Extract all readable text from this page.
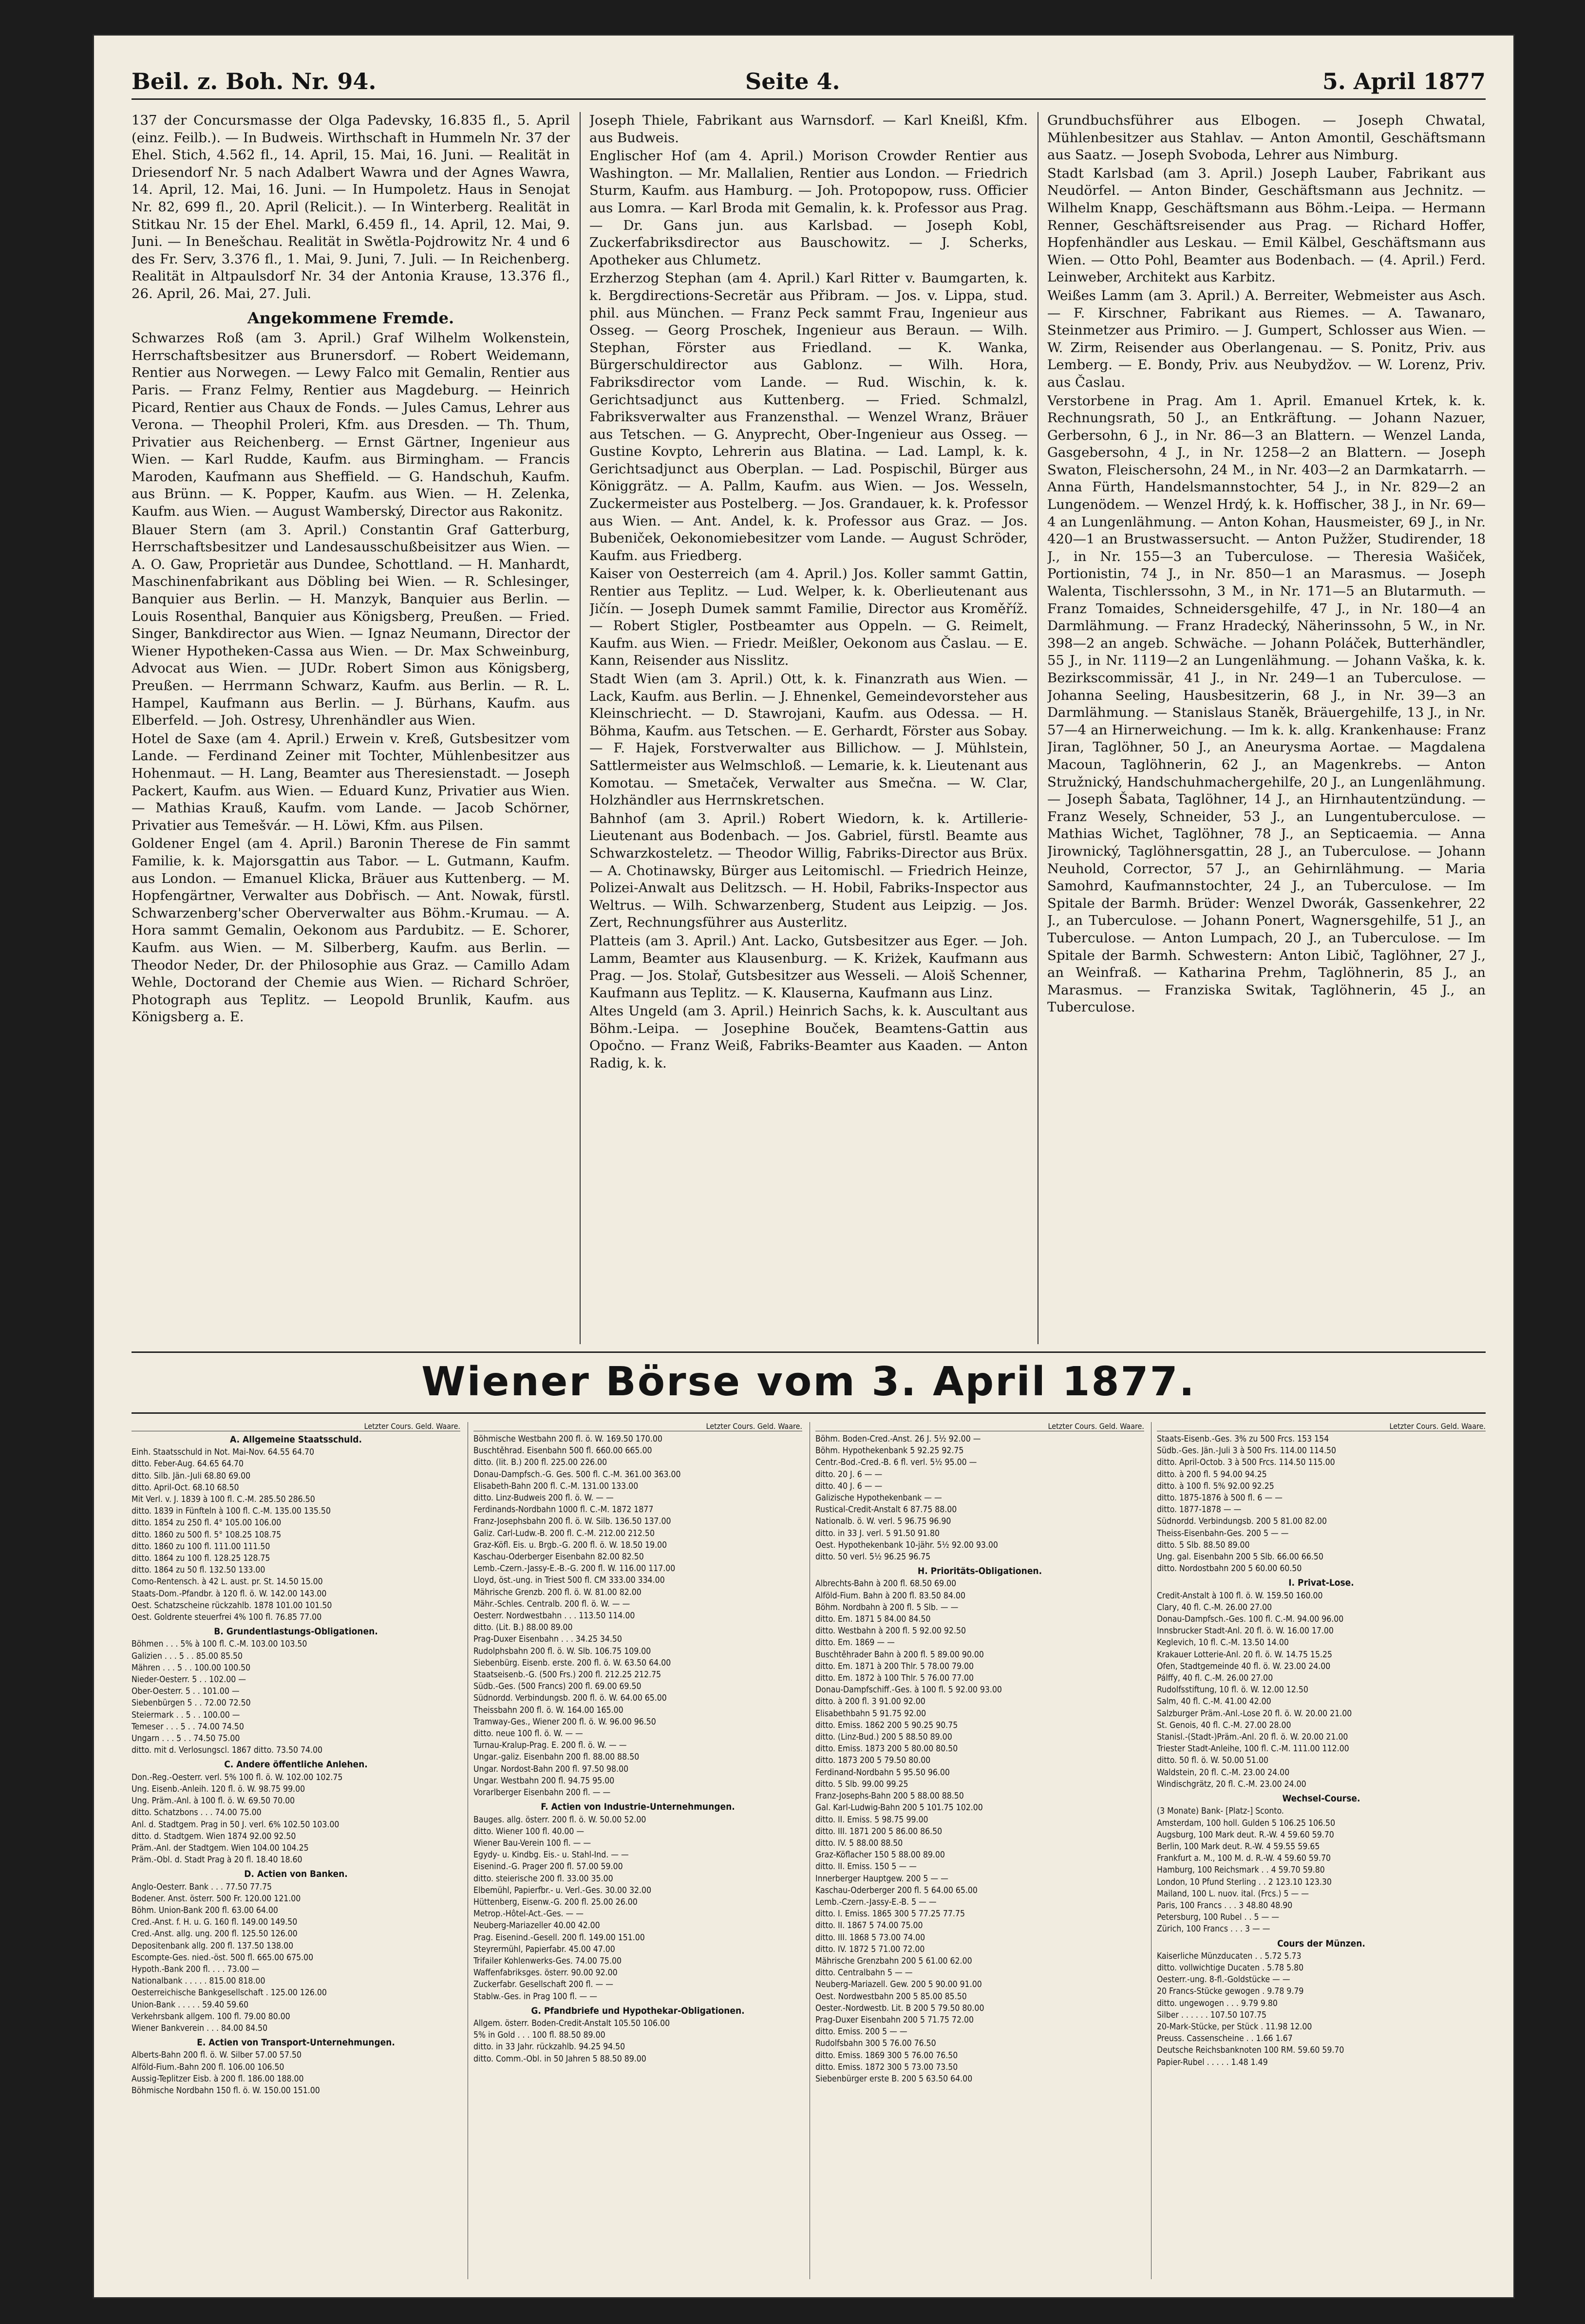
Beil. z. Boh. Nr. 94.	Seite 4.	5. April 1877

137 der Concursmasse der Olga Padevsky, 16.835 fl., 5. April (einz. Feilb.). — In Budweis. Wirthschaft in Hummeln Nr. 37 der Ehel. Stich, 4.562 fl., 14. April, 15. Mai, 16. Juni. — Realität in Driesendorf Nr. 5 nach Adalbert Wawra und der Agnes Wawra, 14. April, 12. Mai, 16. Juni. — In Humpoletz. Haus in Senojat Nr. 82, 699 fl., 20. April (Relicit.). — In Winterberg. Realität in Stitkau Nr. 15 der Ehel. Markl, 6.459 fl., 14. April, 12. Mai, 9. Juni. — In Benešchau. Realität in Swětla-Pojdrowitz Nr. 4 und 6 des Fr. Serv, 3.376 fl., 1. Mai, 9. Juni, 7. Juli. — In Reichenberg. Realität in Altpaulsdorf Nr. 34 der Antonia Krause, 13.376 fl., 26. April, 26. Mai, 27. Juli.

Angekommene Fremde.

Schwarzes Roß (am 3. April.) Graf Wilhelm Wolkenstein, Herrschaftsbesitzer aus Brunersdorf. — Robert Weidemann, Rentier aus Norwegen. — Lewy Falco mit Gemalin, Rentier aus Paris. — Franz Felmy, Rentier aus Magdeburg. — Heinrich Picard, Rentier aus Chaux de Fonds. — Jules Camus, Lehrer aus Verona. — Theophil Proleri, Kfm. aus Dresden. — Th. Thum, Privatier aus Reichenberg. — Ernst Gärtner, Ingenieur aus Wien. — Karl Rudde, Kaufm. aus Birmingham. — Francis Maroden, Kaufmann aus Sheffield. — G. Handschuh, Kaufm. aus Brünn. — K. Popper, Kaufm. aus Wien. — H. Zelenka, Kaufm. aus Wien. — August Wamberský, Director aus Rakonitz.

Blauer Stern (am 3. April.) Constantin Graf Gatterburg, Herrschaftsbesitzer und Landesausschußbeisitzer aus Wien. — A. O. Gaw, Proprietär aus Dundee, Schottland. — H. Manhardt, Maschinenfabrikant aus Döbling bei Wien. — R. Schlesinger, Banquier aus Berlin. — H. Manzyk, Banquier aus Berlin. — Louis Rosenthal, Banquier aus Königsberg, Preußen. — Fried. Singer, Bankdirector aus Wien. — Ignaz Neumann, Director der Wiener Hypotheken-Cassa aus Wien. — Dr. Max Schweinburg, Advocat aus Wien. — JUDr. Robert Simon aus Königsberg, Preußen. — Herrmann Schwarz, Kaufm. aus Berlin. — R. L. Hampel, Kaufmann aus Berlin. — J. Bürhans, Kaufm. aus Elberfeld. — Joh. Ostresy, Uhrenhändler aus Wien.

Hotel de Saxe (am 4. April.) Erwein v. Kreß, Gutsbesitzer vom Lande. — Ferdinand Zeiner mit Tochter, Mühlenbesitzer aus Hohenmaut. — H. Lang, Beamter aus Theresienstadt. — Joseph Packert, Kaufm. aus Wien. — Eduard Kunz, Privatier aus Wien. — Mathias Krauß, Kaufm. vom Lande. — Jacob Schörner, Privatier aus Temešvár. — H. Löwi, Kfm. aus Pilsen.

Goldener Engel (am 4. April.) Baronin Therese de Fin sammt Familie, k. k. Majorsgattin aus Tabor. — L. Gutmann, Kaufm. aus London. — Emanuel Klicka, Bräuer aus Kuttenberg. — M. Hopfengärtner, Verwalter aus Dobřisch. — Ant. Nowak, fürstl. Schwarzenberg'scher Oberverwalter aus Böhm.-Krumau. — A. Hora sammt Gemalin, Oekonom aus Pardubitz. — E. Schorer, Kaufm. aus Wien. — M. Silberberg, Kaufm. aus Berlin. — Theodor Neder, Dr. der Philosophie aus Graz. — Camillo Adam Wehle, Doctorand der Chemie aus Wien. — Richard Schröer, Photograph aus Teplitz. — Leopold Brunlik, Kaufm. aus Königsberg a. E.

Joseph Thiele, Fabrikant aus Warnsdorf. — Karl Kneißl, Kfm. aus Budweis.

Englischer Hof (am 4. April.) Morison Crowder Rentier aus Washington. — Mr. Mallalien, Rentier aus London. — Friedrich Sturm, Kaufm. aus Hamburg. — Joh. Protopopow, russ. Officier aus Lomra. — Karl Broda mit Gemalin, k. k. Professor aus Prag. — Dr. Gans jun. aus Karlsbad. — Joseph Kobl, Zuckerfabriksdirector aus Bauschowitz. — J. Scherks, Apotheker aus Chlumetz.

Erzherzog Stephan (am 4. April.) Karl Ritter v. Baumgarten, k. k. Bergdirections-Secretär aus Přibram. — Jos. v. Lippa, stud. phil. aus München. — Franz Peck sammt Frau, Ingenieur aus Osseg. — Georg Proschek, Ingenieur aus Beraun. — Wilh. Stephan, Förster aus Friedland. — K. Wanka, Bürgerschuldirector aus Gablonz. — Wilh. Hora, Fabriksdirector vom Lande. — Rud. Wischin, k. k. Gerichtsadjunct aus Kuttenberg. — Fried. Schmalzl, Fabriksverwalter aus Franzensthal. — Wenzel Wranz, Bräuer aus Tetschen. — G. Anyprecht, Ober-Ingenieur aus Osseg. — Gustine Kovpto, Lehrerin aus Blatina. — Lad. Lampl, k. k. Gerichtsadjunct aus Oberplan. — Lad. Pospischil, Bürger aus Königgrätz. — A. Pallm, Kaufm. aus Wien. — Jos. Wesseln, Zuckermeister aus Postelberg. — Jos. Grandauer, k. k. Professor aus Wien. — Ant. Andel, k. k. Professor aus Graz. — Jos. Bubeniček, Oekonomiebesitzer vom Lande. — August Schröder, Kaufm. aus Friedberg.

Kaiser von Oesterreich (am 4. April.) Jos. Koller sammt Gattin, Rentier aus Teplitz. — Lud. Welper, k. k. Oberlieutenant aus Jičín. — Joseph Dumek sammt Familie, Director aus Kroměříž. — Robert Stigler, Postbeamter aus Oppeln. — G. Reimelt, Kaufm. aus Wien. — Friedr. Meißler, Oekonom aus Časlau. — E. Kann, Reisender aus Nisslitz.

Stadt Wien (am 3. April.) Ott, k. k. Finanzrath aus Wien. — Lack, Kaufm. aus Berlin. — J. Ehnenkel, Gemeindevorsteher aus Kleinschriecht. — D. Stawrojani, Kaufm. aus Odessa. — H. Böhma, Kaufm. aus Tetschen. — E. Gerhardt, Förster aus Sobay. — F. Hajek, Forstverwalter aus Billichow. — J. Mühlstein, Sattlermeister aus Welmschloß. — Lemarie, k. k. Lieutenant aus Komotau. — Smetaček, Verwalter aus Smečna. — W. Clar, Holzhändler aus Herrnskretschen.

Bahnhof (am 3. April.) Robert Wiedorn, k. k. Artillerie-Lieutenant aus Bodenbach. — Jos. Gabriel, fürstl. Beamte aus Schwarzkosteletz. — Theodor Willig, Fabriks-Director aus Brüx. — A. Chotinawsky, Bürger aus Leitomischl. — Friedrich Heinze, Polizei-Anwalt aus Delitzsch. — H. Hobil, Fabriks-Inspector aus Weltrus. — Wilh. Schwarzenberg, Student aus Leipzig. — Jos. Zert, Rechnungsführer aus Austerlitz.

Platteis (am 3. April.) Ant. Lacko, Gutsbesitzer aus Eger. — Joh. Lamm, Beamter aus Klausenburg. — K. Kriżek, Kaufmann aus Prag. — Jos. Stolař, Gutsbesitzer aus Wesseli. — Aloiš Schenner, Kaufmann aus Teplitz. — K. Klauserna, Kaufmann aus Linz.

Altes Ungeld (am 3. April.) Heinrich Sachs, k. k. Auscultant aus Böhm.-Leipa. — Josephine Bouček, Beamtens-Gattin aus Opočno. — Franz Weiß, Fabriks-Beamter aus Kaaden. — Anton Radig, k. k.

Grundbuchsführer aus Elbogen. — Joseph Chwatal, Mühlenbesitzer aus Stahlav. — Anton Amontil, Geschäftsmann aus Saatz. — Joseph Svoboda, Lehrer aus Nimburg.

Stadt Karlsbad (am 3. April.) Joseph Lauber, Fabrikant aus Neudörfel. — Anton Binder, Geschäftsmann aus Jechnitz. — Wilhelm Knapp, Geschäftsmann aus Böhm.-Leipa. — Hermann Renner, Geschäftsreisender aus Prag. — Richard Hoffer, Hopfenhändler aus Leskau. — Emil Kälbel, Geschäftsmann aus Wien. — Otto Pohl, Beamter aus Bodenbach. — (4. April.) Ferd. Leinweber, Architekt aus Karbitz.

Weißes Lamm (am 3. April.) A. Berreiter, Webmeister aus Asch. — F. Kirschner, Fabrikant aus Riemes. — A. Tawanaro, Steinmetzer aus Primiro. — J. Gumpert, Schlosser aus Wien. — W. Zirm, Reisender aus Oberlangenau. — S. Ponitz, Priv. aus Lemberg. — E. Bondy, Priv. aus Neubydžov. — W. Lorenz, Priv. aus Časlau.

Verstorbene in Prag. Am 1. April. Emanuel Krtek, k. k. Rechnungsrath, 50 J., an Entkräftung. — Johann Nazuer, Gerbersohn, 6 J., in Nr. 86—3 an Blattern. — Wenzel Landa, Gasgebersohn, 4 J., in Nr. 1258—2 an Blattern. — Joseph Swaton, Fleischersohn, 24 M., in Nr. 403—2 an Darmkatarrh. — Anna Fürth, Handelsmannstochter, 54 J., in Nr. 829—2 an Lungenödem. — Wenzel Hrdý, k. k. Hoffischer, 38 J., in Nr. 69—4 an Lungenlähmung. — Anton Kohan, Hausmeister, 69 J., in Nr. 420—1 an Brustwassersucht. — Anton Pužžer, Studirender, 18 J., in Nr. 155—3 an Tuberculose. — Theresia Wašiček, Portionistin, 74 J., in Nr. 850—1 an Marasmus. — Joseph Walenta, Tischlerssohn, 3 M., in Nr. 171—5 an Blutarmuth. — Franz Tomaides, Schneidersgehilfe, 47 J., in Nr. 180—4 an Darmlähmung. — Franz Hradecký, Näherinssohn, 5 W., in Nr. 398—2 an angeb. Schwäche. — Johann Poláček, Butterhändler, 55 J., in Nr. 1119—2 an Lungenlähmung. — Johann Vaška, k. k. Bezirkscommissär, 41 J., in Nr. 249—1 an Tuberculose. — Johanna Seeling, Hausbesitzerin, 68 J., in Nr. 39—3 an Darmlähmung. — Stanislaus Staněk, Bräuergehilfe, 13 J., in Nr. 57—4 an Hirnerweichung. — Im k. k. allg. Krankenhause: Franz Jiran, Taglöhner, 50 J., an Aneurysma Aortae. — Magdalena Macoun, Taglöhnerin, 62 J., an Magenkrebs. — Anton Stružnický, Handschuhmachergehilfe, 20 J., an Lungenlähmung. — Joseph Šabata, Taglöhner, 14 J., an Hirnhautentzündung. — Franz Wesely, Schneider, 53 J., an Lungentuberculose. — Mathias Wichet, Taglöhner, 78 J., an Septicaemia. — Anna Jirownický, Taglöhnersgattin, 28 J., an Tuberculose. — Johann Neuhold, Corrector, 57 J., an Gehirnlähmung. — Maria Samohrd, Kaufmannstochter, 24 J., an Tuberculose. — Im Spitale der Barmh. Brüder: Wenzel Dworák, Gassenkehrer, 22 J., an Tuberculose. — Johann Ponert, Wagnersgehilfe, 51 J., an Tuberculose. — Anton Lumpach, 20 J., an Tuberculose. — Im Spitale der Barmh. Schwestern: Anton Libič, Taglöhner, 27 J., an Weinfraß. — Katharina Prehm, Taglöhnerin, 85 J., an Marasmus. — Franziska Switak, Taglöhnerin, 45 J., an Tuberculose.

Wiener Börse vom 3. April 1877.
Letzter Cours. Geld. Waare.
A. Allgemeine Staatsschuld.
Einh. Staatsschuld in Not. Mai-Nov. 64.55 64.70
ditto. Feber-Aug. 64.65 64.70
ditto. Silb. Jän.-Juli 68.80 69.00
ditto. April-Oct. 68.10 68.50
Mit Verl. v. J. 1839 à 100 fl. C.-M. 285.50 286.50
ditto. 1839 in Fünfteln à 100 fl. C.-M. 135.00 135.50
ditto. 1854 zu 250 fl. 4° 105.00 106.00
ditto. 1860 zu 500 fl. 5° 108.25 108.75
ditto. 1860 zu 100 fl. 111.00 111.50
ditto. 1864 zu 100 fl. 128.25 128.75
ditto. 1864 zu 50 fl. 132.50 133.00
Como-Rentensch. à 42 L. aust. pr. St. 14.50 15.00
Staats-Dom.-Pfandbr. à 120 fl. ö. W. 142.00 143.00
Oest. Schatzscheine rückzahlb. 1878 101.00 101.50
Oest. Goldrente steuerfrei 4% 100 fl. 76.85 77.00
B. Grundentlastungs-Obligationen.
Böhmen . . . 5% à 100 fl. C.-M. 103.00 103.50
Galizien . . . 5 . . 85.00 85.50
Mähren . . . 5 . . 100.00 100.50
Nieder-Oesterr. 5 . . 102.00 —
Ober-Oesterr. 5 . . 101.00 —
Siebenbürgen 5 . . 72.00 72.50
Steiermark . . 5 . . 100.00 —
Temeser . . . 5 . . 74.00 74.50
Ungarn . . . 5 . . 74.50 75.00
ditto. mit d. Verlosungscl. 1867 ditto. 73.50 74.00
C. Andere öffentliche Anlehen.
Don.-Reg.-Oesterr. verl. 5% 100 fl. ö. W. 102.00 102.75
Ung. Eisenb.-Anleih. 120 fl. ö. W. 98.75 99.00
Ung. Präm.-Anl. à 100 fl. ö. W. 69.50 70.00
ditto. Schatzbons . . . 74.00 75.00
Anl. d. Stadtgem. Prag in 50 J. verl. 6% 102.50 103.00
ditto. d. Stadtgem. Wien 1874 92.00 92.50
Präm.-Anl. der Stadtgem. Wien 104.00 104.25
Präm.-Obl. d. Stadt Prag à 20 fl. 18.40 18.60
D. Actien von Banken.
Anglo-Oesterr. Bank . . . 77.50 77.75
Bodener. Anst. österr. 500 Fr. 120.00 121.00
Böhm. Union-Bank 200 fl. 63.00 64.00
Cred.-Anst. f. H. u. G. 160 fl. 149.00 149.50
Cred.-Anst. allg. ung. 200 fl. 125.50 126.00
Depositenbank allg. 200 fl. 137.50 138.00
Escompte-Ges. nied.-öst. 500 fl. 665.00 675.00
Hypoth.-Bank 200 fl. . . . 73.00 —
Nationalbank . . . . . 815.00 818.00
Oesterreichische Bankgesellschaft . 125.00 126.00
Union-Bank . . . . . 59.40 59.60
Verkehrsbank allgem. 100 fl. 79.00 80.00
Wiener Bankverein . . . 84.00 84.50
E. Actien von Transport-Unternehmungen.
Alberts-Bahn 200 fl. ö. W. Silber 57.00 57.50
Alföld-Fium.-Bahn 200 fl. 106.00 106.50
Aussig-Teplitzer Eisb. à 200 fl. 186.00 188.00
Böhmische Nordbahn 150 fl. ö. W. 150.00 151.00
Letzter Cours. Geld. Waare.
Böhmische Westbahn 200 fl. ö. W. 169.50 170.00
Buschtěhrad. Eisenbahn 500 fl. 660.00 665.00
ditto. (lit. B.) 200 fl. 225.00 226.00
Donau-Dampfsch.-G. Ges. 500 fl. C.-M. 361.00 363.00
Elisabeth-Bahn 200 fl. C.-M. 131.00 133.00
ditto. Linz-Budweis 200 fl. ö. W. — —
Ferdinands-Nordbahn 1000 fl. C.-M. 1872 1877
Franz-Josephsbahn 200 fl. ö. W. Silb. 136.50 137.00
Galiz. Carl-Ludw.-B. 200 fl. C.-M. 212.00 212.50
Graz-Köfl. Eis. u. Brgb.-G. 200 fl. ö. W. 18.50 19.00
Kaschau-Oderberger Eisenbahn 82.00 82.50
Lemb.-Czern.-Jassy-E.-B.-G. 200 fl. W. 116.00 117.00
Lloyd, öst.-ung. in Triest 500 fl. CM 333.00 334.00
Mährische Grenzb. 200 fl. ö. W. 81.00 82.00
Mähr.-Schles. Centralb. 200 fl. ö. W. — —
Oesterr. Nordwestbahn . . . 113.50 114.00
ditto. (Lit. B.) 88.00 89.00
Prag-Duxer Eisenbahn . . . 34.25 34.50
Rudolphsbahn 200 fl. ö. W. Slb. 106.75 109.00
Siebenbürg. Eisenb. erste. 200 fl. ö. W. 63.50 64.00
Staatseisenb.-G. (500 Frs.) 200 fl. 212.25 212.75
Südb.-Ges. (500 Francs) 200 fl. 69.00 69.50
Südnordd. Verbindungsb. 200 fl. ö. W. 64.00 65.00
Theissbahn 200 fl. ö. W. 164.00 165.00
Tramway-Ges., Wiener 200 fl. ö. W. 96.00 96.50
ditto. neue 100 fl. ö. W. — —
Turnau-Kralup-Prag. E. 200 fl. ö. W. — —
Ungar.-galiz. Eisenbahn 200 fl. 88.00 88.50
Ungar. Nordost-Bahn 200 fl. 97.50 98.00
Ungar. Westbahn 200 fl. 94.75 95.00
Vorarlberger Eisenbahn 200 fl. — —
F. Actien von Industrie-Unternehmungen.
Bauges. allg. österr. 200 fl. ö. W. 50.00 52.00
ditto. Wiener 100 fl. 40.00 —
Wiener Bau-Verein 100 fl. — —
Egydy- u. Kindbg. Eis.- u. Stahl-Ind. — —
Eisenind.-G. Prager 200 fl. 57.00 59.00
ditto. steierische 200 fl. 33.00 35.00
Elbemühl, Papierfbr.- u. Verl.-Ges. 30.00 32.00
Hüttenberg, Eisenw.-G. 200 fl. 25.00 26.00
Metrop.-Hôtel-Act.-Ges. — —
Neuberg-Mariazeller 40.00 42.00
Prag. Eisenind.-Gesell. 200 fl. 149.00 151.00
Steyrermühl, Papierfabr. 45.00 47.00
Trifailer Kohlenwerks-Ges. 74.00 75.00
Waffenfabriksges. österr. 90.00 92.00
Zuckerfabr. Gesellschaft 200 fl. — —
Stablw.-Ges. in Prag 100 fl. — —
G. Pfandbriefe und Hypothekar-Obligationen.
Allgem. österr. Boden-Credit-Anstalt 105.50 106.00
5% in Gold . . . 100 fl. 88.50 89.00
ditto. in 33 Jahr. rückzahlb. 94.25 94.50
ditto. Comm.-Obl. in 50 Jahren 5 88.50 89.00
Letzter Cours. Geld. Waare.
Böhm. Boden-Cred.-Anst. 26 J. 5½ 92.00 —
Böhm. Hypothekenbank 5 92.25 92.75
Centr.-Bod.-Cred.-B. 6 fl. verl. 5½ 95.00 —
ditto. 20 J. 6 — —
ditto. 40 J. 6 — —
Galizische Hypothekenbank — —
Rustical-Credit-Anstalt 6 87.75 88.00
Nationalb. ö. W. verl. 5 96.75 96.90
ditto. in 33 J. verl. 5 91.50 91.80
Oest. Hypothekenbank 10-jähr. 5½ 92.00 93.00
ditto. 50 verl. 5½ 96.25 96.75
H. Prioritäts-Obligationen.
Albrechts-Bahn à 200 fl. 68.50 69.00
Alföld-Fium. Bahn à 200 fl. 83.50 84.00
Böhm. Nordbahn à 200 fl. 5 Slb. — —
ditto. Em. 1871 5 84.00 84.50
ditto. Westbahn à 200 fl. 5 92.00 92.50
ditto. Em. 1869 — —
Buschtěhrader Bahn à 200 fl. 5 89.00 90.00
ditto. Em. 1871 à 200 Thlr. 5 78.00 79.00
ditto. Em. 1872 à 100 Thlr. 5 76.00 77.00
Donau-Dampfschiff.-Ges. à 100 fl. 5 92.00 93.00
ditto. à 200 fl. 3 91.00 92.00
Elisabethbahn 5 91.75 92.00
ditto. Emiss. 1862 200 5 90.25 90.75
ditto. (Linz-Bud.) 200 5 88.50 89.00
ditto. Emiss. 1873 200 5 80.00 80.50
ditto. 1873 200 5 79.50 80.00
Ferdinand-Nordbahn 5 95.50 96.00
ditto. 5 Slb. 99.00 99.25
Franz-Josephs-Bahn 200 5 88.00 88.50
Gal. Karl-Ludwig-Bahn 200 5 101.75 102.00
ditto. II. Emiss. 5 98.75 99.00
ditto. III. 1871 200 5 86.00 86.50
ditto. IV. 5 88.00 88.50
Graz-Köflacher 150 5 88.00 89.00
ditto. II. Emiss. 150 5 — —
Innerberger Hauptgew. 200 5 — —
Kaschau-Oderberger 200 fl. 5 64.00 65.00
Lemb.-Czern.-Jassy-E.-B. 5 — —
ditto. I. Emiss. 1865 300 5 77.25 77.75
ditto. II. 1867 5 74.00 75.00
ditto. III. 1868 5 73.00 74.00
ditto. IV. 1872 5 71.00 72.00
Mährische Grenzbahn 200 5 61.00 62.00
ditto. Centralbahn 5 — —
Neuberg-Mariazell. Gew. 200 5 90.00 91.00
Oest. Nordwestbahn 200 5 85.00 85.50
Oester.-Nordwestb. Lit. B 200 5 79.50 80.00
Prag-Duxer Eisenbahn 200 5 71.75 72.00
ditto. Emiss. 200 5 — —
Rudolfsbahn 300 5 76.00 76.50
ditto. Emiss. 1869 300 5 76.00 76.50
ditto. Emiss. 1872 300 5 73.00 73.50
Siebenbürger erste B. 200 5 63.50 64.00
Letzter Cours. Geld. Waare.
Staats-Eisenb.-Ges. 3% zu 500 Frcs. 153 154
Südb.-Ges. Jän.-Juli 3 à 500 Frs. 114.00 114.50
ditto. April-Octob. 3 à 500 Frcs. 114.50 115.00
ditto. à 200 fl. 5 94.00 94.25
ditto. à 100 fl. 5% 92.00 92.25
ditto. 1875-1876 à 500 fl. 6 — —
ditto. 1877-1878 — —
Südnordd. Verbindungsb. 200 5 81.00 82.00
Theiss-Eisenbahn-Ges. 200 5 — —
ditto. 5 Slb. 88.50 89.00
Ung. gal. Eisenbahn 200 5 Slb. 66.00 66.50
ditto. Nordostbahn 200 5 60.00 60.50
I. Privat-Lose.
Credit-Anstalt à 100 fl. ö. W. 159.50 160.00
Clary, 40 fl. C.-M. 26.00 27.00
Donau-Dampfsch.-Ges. 100 fl. C.-M. 94.00 96.00
Innsbrucker Stadt-Anl. 20 fl. ö. W. 16.00 17.00
Keglevich, 10 fl. C.-M. 13.50 14.00
Krakauer Lotterie-Anl. 20 fl. ö. W. 14.75 15.25
Ofen, Stadtgemeinde 40 fl. ö. W. 23.00 24.00
Pálffy, 40 fl. C.-M. 26.00 27.00
Rudolfsstiftung, 10 fl. ö. W. 12.00 12.50
Salm, 40 fl. C.-M. 41.00 42.00
Salzburger Präm.-Anl.-Lose 20 fl. ö. W. 20.00 21.00
St. Genois, 40 fl. C.-M. 27.00 28.00
Stanisl.-(Stadt-)Präm.-Anl. 20 fl. ö. W. 20.00 21.00
Triester Stadt-Anleihe, 100 fl. C.-M. 111.00 112.00
ditto. 50 fl. ö. W. 50.00 51.00
Waldstein, 20 fl. C.-M. 23.00 24.00
Windischgrätz, 20 fl. C.-M. 23.00 24.00
Wechsel-Course.
(3 Monate) Bank- [Platz-] Sconto.
Amsterdam, 100 holl. Gulden 5 106.25 106.50
Augsburg, 100 Mark deut. R.-W. 4 59.60 59.70
Berlin, 100 Mark deut. R.-W. 4 59.55 59.65
Frankfurt a. M., 100 M. d. R.-W. 4 59.60 59.70
Hamburg, 100 Reichsmark . . 4 59.70 59.80
London, 10 Pfund Sterling . . 2 123.10 123.30
Mailand, 100 L. nuov. ital. (Frcs.) 5 — —
Paris, 100 Francs . . . 3 48.80 48.90
Petersburg, 100 Rubel . . 5 — —
Zürich, 100 Francs . . . 3 — —
Cours der Münzen.
Kaiserliche Münzducaten . . 5.72 5.73
ditto. vollwichtige Ducaten . 5.78 5.80
Oesterr.-ung. 8-fl.-Goldstücke — —
20 Francs-Stücke gewogen . 9.78 9.79
ditto. ungewogen . . . 9.79 9.80
Silber . . . . . . 107.50 107.75
20-Mark-Stücke, per Stück . 11.98 12.00
Preuss. Cassenscheine . . 1.66 1.67
Deutsche Reichsbanknoten 100 RM. 59.60 59.70
Papier-Rubel . . . . . 1.48 1.49
